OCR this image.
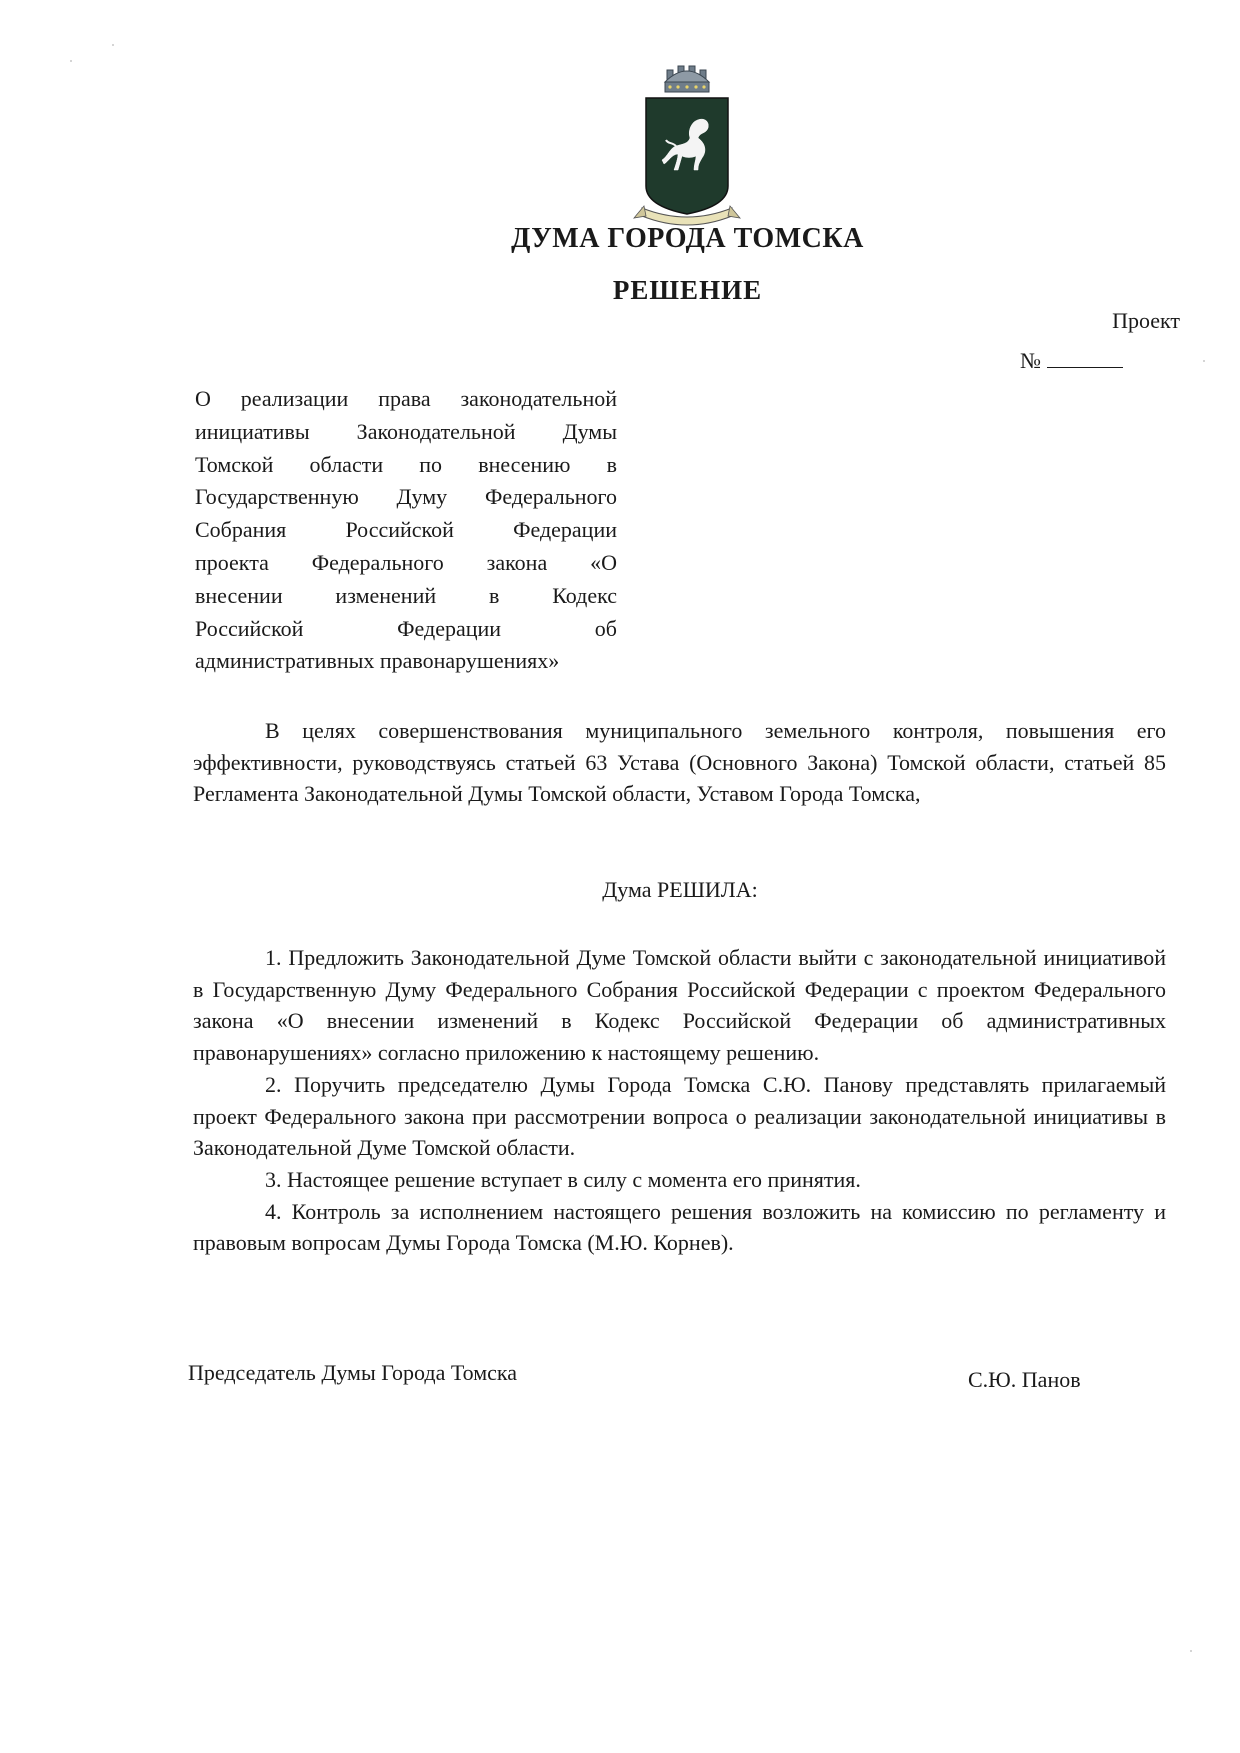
ДУМА ГОРОДА ТОМСКА
РЕШЕНИЕ
Проект
№
О реализации права законодательной
инициативы Законодательной Думы
Томской области по внесению в
Государственную Думу Федерального
Собрания Российской Федерации
проекта Федерального закона «О
внесении изменений в Кодекс
Российской Федерации об
административных правонарушениях»

В целях совершенствования муниципального земельного контроля, повышения его эффективности, руководствуясь статьей 63 Устава (Основного Закона) Томской области, статьей 85 Регламента Законодательной Думы Томской области, Уставом Города Томска,

Дума РЕШИЛА:

1. Предложить Законодательной Думе Томской области выйти с законодательной инициативой в Государственную Думу Федерального Собрания Российской Федерации с проектом Федерального закона «О внесении изменений в Кодекс Российской Федерации об административных правонарушениях» согласно приложению к настоящему решению.

2. Поручить председателю Думы Города Томска С.Ю. Панову представлять прилагаемый проект Федерального закона при рассмотрении вопроса о реализации законодательной инициативы в Законодательной Думе Томской области.

3. Настоящее решение вступает в силу с момента его принятия.

4. Контроль за исполнением настоящего решения возложить на комиссию по регламенту и правовым вопросам Думы Города Томска (М.Ю. Корнев).

Председатель Думы Города Томска	С.Ю. Панов
